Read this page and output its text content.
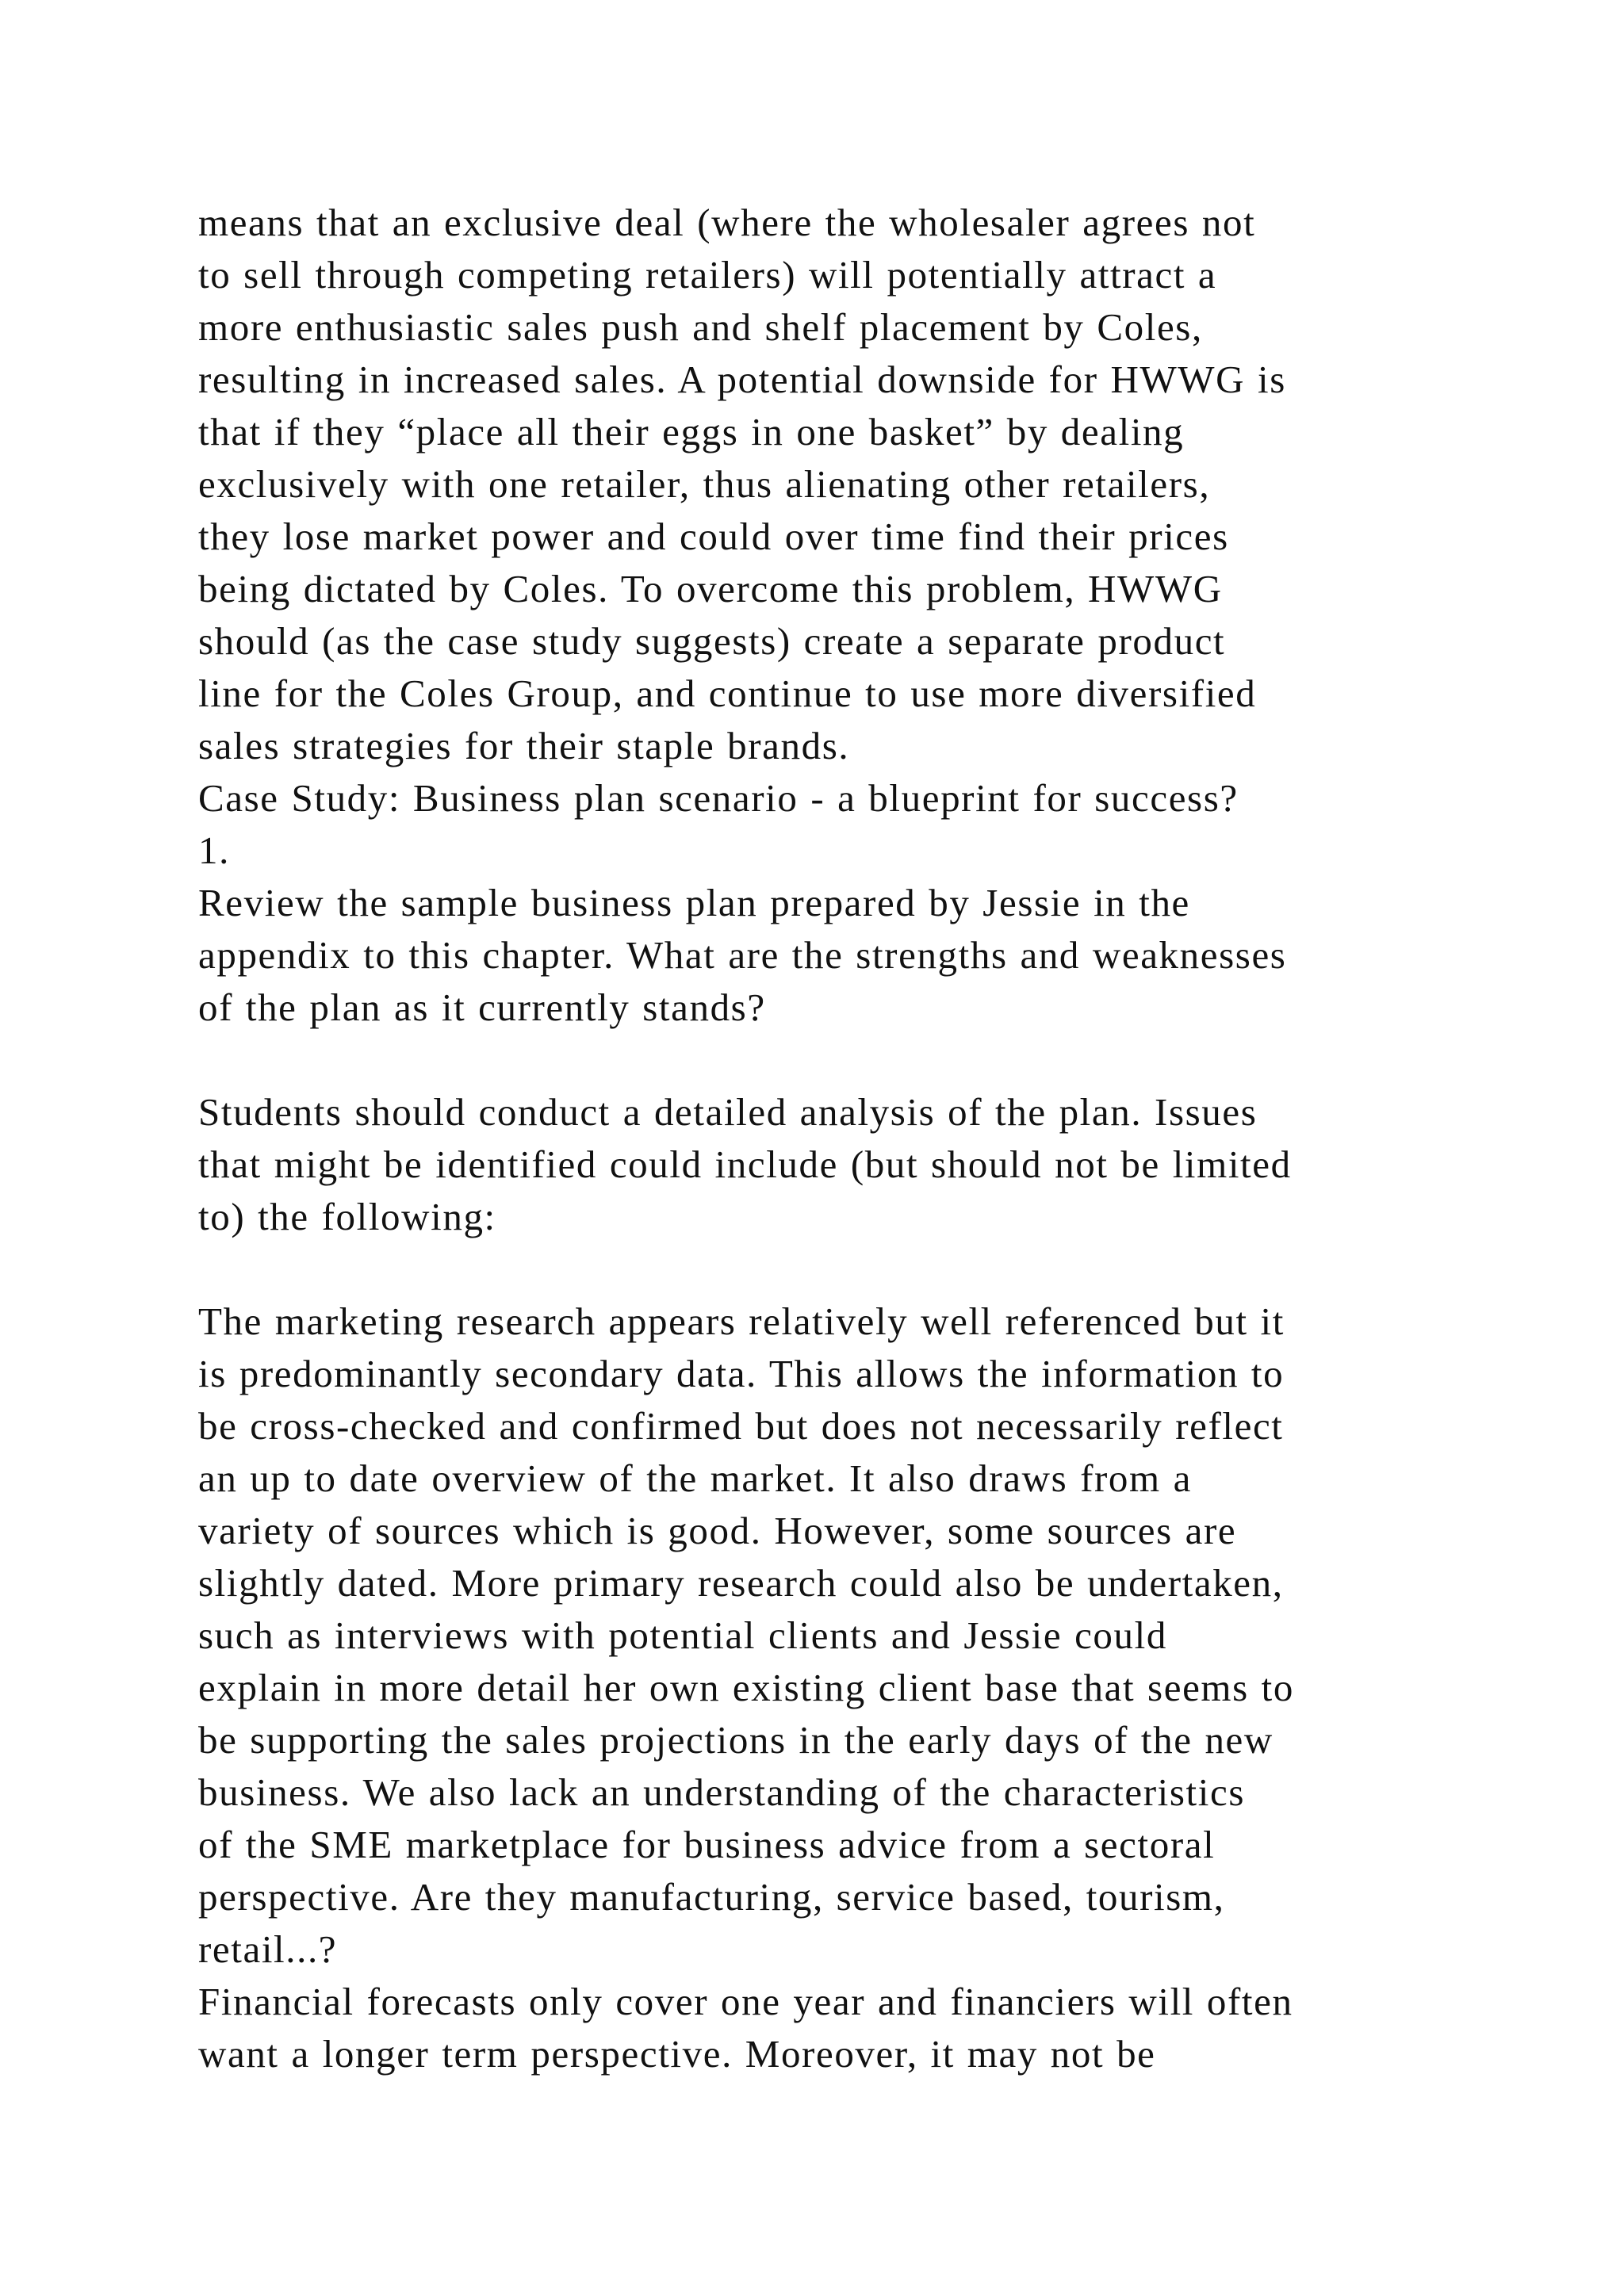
means that an exclusive deal (where the wholesaler agrees not
to sell through competing retailers) will potentially attract a
more enthusiastic sales push and shelf placement by Coles,
resulting in increased sales. A potential downside for HWWG is
that if they “place all their eggs in one basket” by dealing
exclusively with one retailer, thus alienating other retailers,
they lose market power and could over time find their prices
being dictated by Coles. To overcome this problem, HWWG
should (as the case study suggests) create a separate product
line for the Coles Group, and continue to use more diversified
sales strategies for their staple brands.
Case Study: Business plan scenario - a blueprint for success?
1.
Review the sample business plan prepared by Jessie in the
appendix to this chapter. What are the strengths and weaknesses
of the plan as it currently stands?
Students should conduct a detailed analysis of the plan. Issues
that might be identified could include (but should not be limited
to) the following:
The marketing research appears relatively well referenced but it
is predominantly secondary data. This allows the information to
be cross-checked and confirmed but does not necessarily reflect
an up to date overview of the market. It also draws from a
variety of sources which is good. However, some sources are
slightly dated. More primary research could also be undertaken,
such as interviews with potential clients and Jessie could
explain in more detail her own existing client base that seems to
be supporting the sales projections in the early days of the new
business. We also lack an understanding of the characteristics
of the SME marketplace for business advice from a sectoral
perspective. Are they manufacturing, service based, tourism,
retail...?
Financial forecasts only cover one year and financiers will often
want a longer term perspective. Moreover, it may not be
